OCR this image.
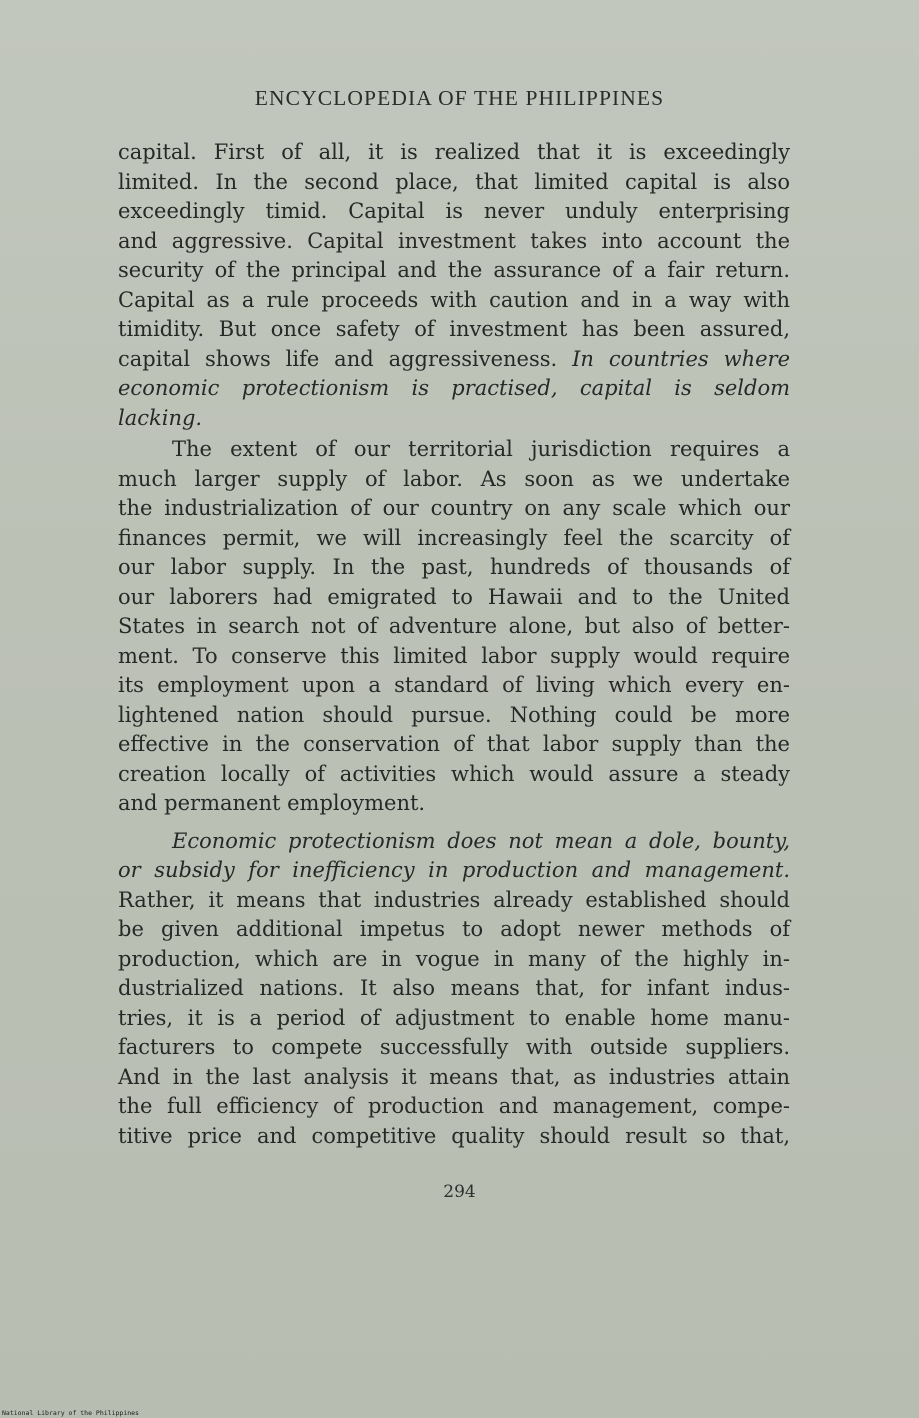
ENCYCLOPEDIA OF THE PHILIPPINES

capital. First of all, it is realized that it is exceedingly
limited. In the second place, that limited capital is also
exceedingly timid. Capital is never unduly enterprising
and aggressive. Capital investment takes into account the
security of the principal and the assurance of a fair return.
Capital as a rule proceeds with caution and in a way with
timidity. But once safety of investment has been assured,
capital shows life and aggressiveness. In countries where
economic protectionism is practised, capital is seldom
lacking.

The extent of our territorial jurisdiction requires a
much larger supply of labor. As soon as we undertake
the industrialization of our country on any scale which our
finances permit, we will increasingly feel the scarcity of
our labor supply. In the past, hundreds of thousands of
our laborers had emigrated to Hawaii and to the United
States in search not of adventure alone, but also of better-
ment. To conserve this limited labor supply would require
its employment upon a standard of living which every en-
lightened nation should pursue. Nothing could be more
effective in the conservation of that labor supply than the
creation locally of activities which would assure a steady
and permanent employment.

Economic protectionism does not mean a dole, bounty,
or subsidy for inefficiency in production and management.
Rather, it means that industries already established should
be given additional impetus to adopt newer methods of
production, which are in vogue in many of the highly in-
dustrialized nations. It also means that, for infant indus-
tries, it is a period of adjustment to enable home manu-
facturers to compete successfully with outside suppliers.
And in the last analysis it means that, as industries attain
the full efficiency of production and management, compe-
titive price and competitive quality should result so that,

294
National Library of the Philippines
